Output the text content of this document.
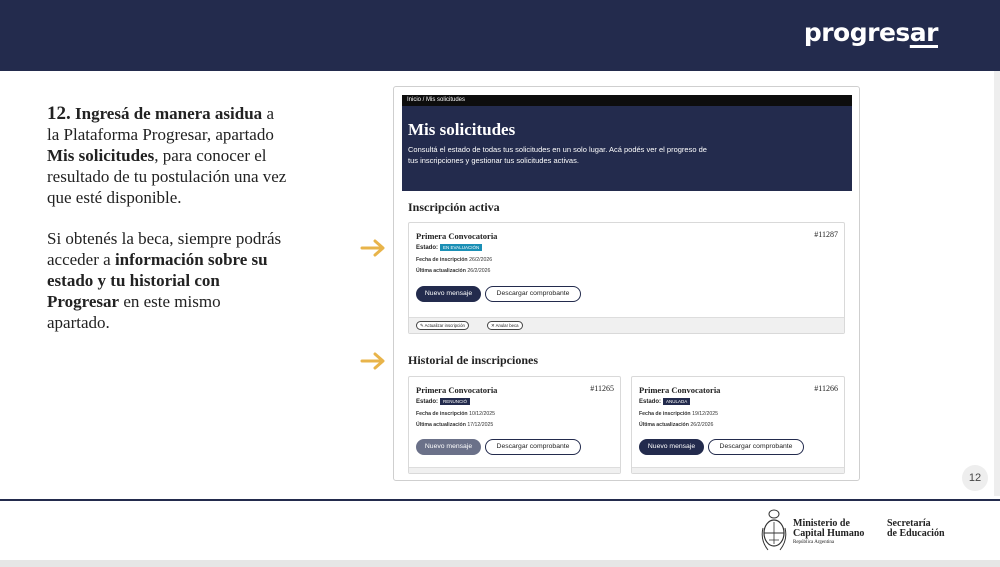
progresar

12. Ingresá de manera asidua a la Plataforma Progresar, apartado Mis solicitudes, para conocer el resultado de tu postulación una vez que esté disponible.

Si obtenés la beca, siempre podrás acceder a información sobre su estado y tu historial con Progresar en este mismo apartado.

Inicio / Mis solicitudes
Mis solicitudes

Consultá el estado de todas tus solicitudes en un solo lugar. Acá podés ver el progreso de tus inscripciones y gestionar tus solicitudes activas.

Inscripción activa
Primera Convocatoria	#11287
Estado: EN EVALUACIÓN
Fecha de inscripción 26/2/2026
Última actualización 26/2/2026
Nuevo mensaje	Descargar comprobante
✎ Actualizar inscripción	✕ Anular beca
Historial de inscripciones
Primera Convocatoria	#11265
Estado: RENUNCIÓ
Fecha de inscripción 10/12/2025
Última actualización 17/12/2025
Nuevo mensaje	Descargar comprobante
Primera Convocatoria	#11266
Estado: ANULADA
Fecha de inscripción 19/12/2025
Última actualización 26/2/2026
Nuevo mensaje	Descargar comprobante
12
Ministerio de
Capital Humano
República Argentina
Secretaría
de Educación
